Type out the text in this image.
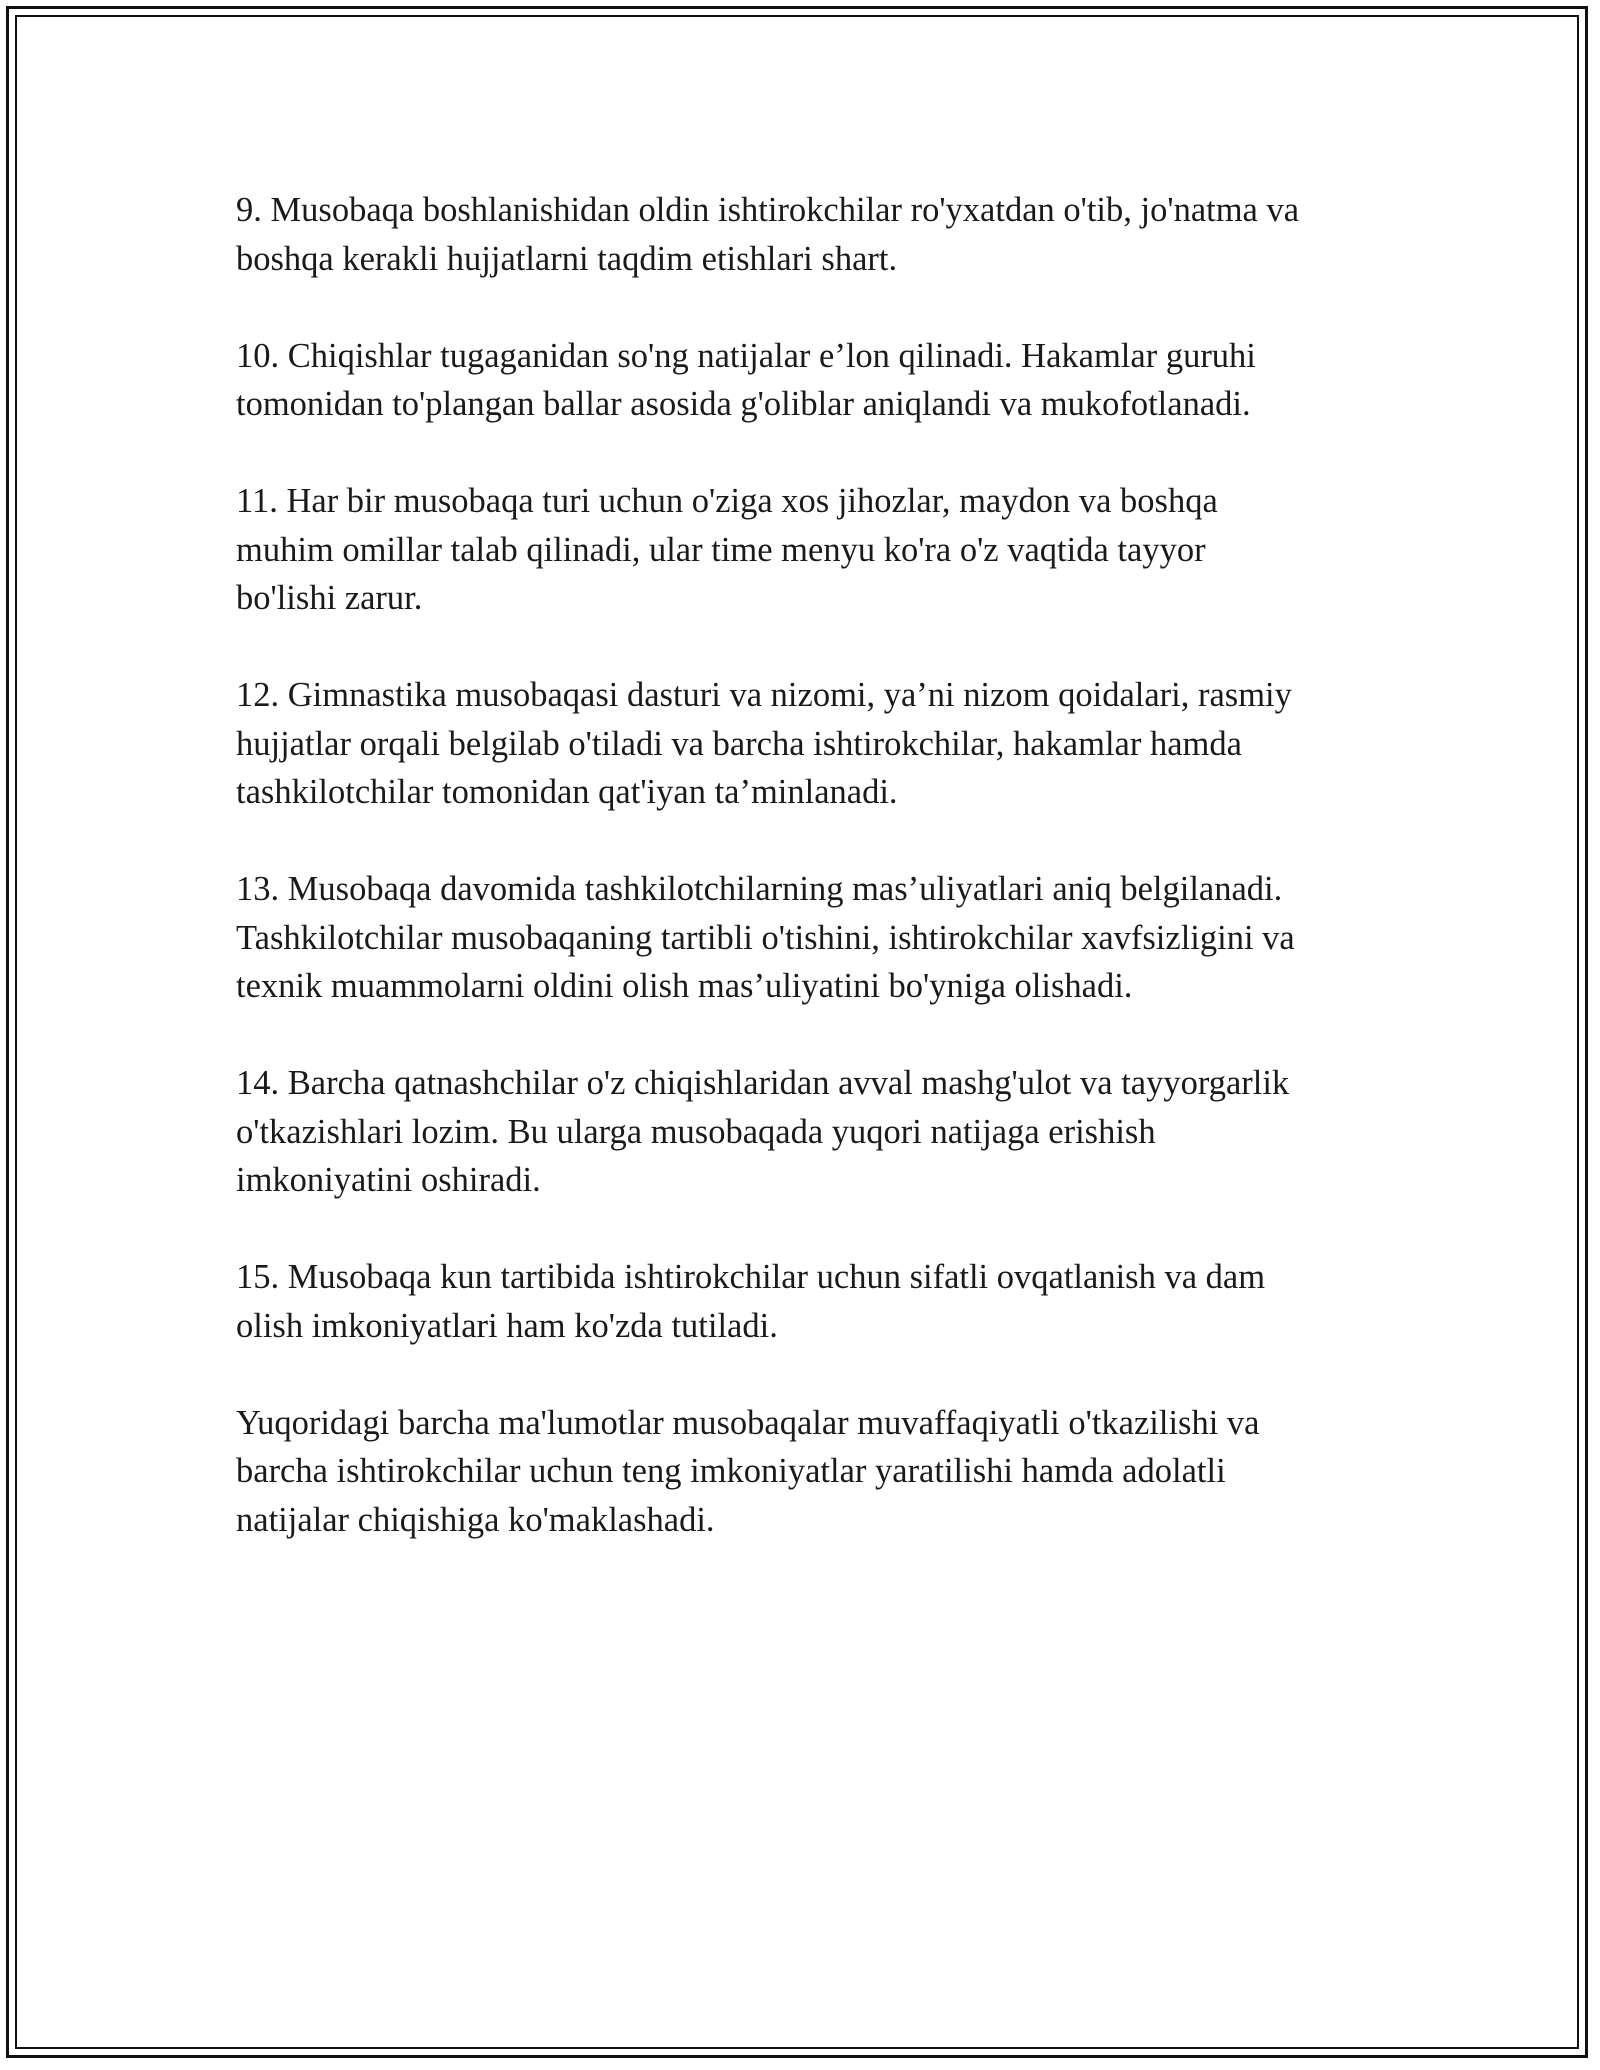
9. Musobaqa boshlanishidan oldin ishtirokchilar ro'yxatdan o'tib, jo'natma va
boshqa kerakli hujjatlarni taqdim etishlari shart.

10. Chiqishlar tugaganidan so'ng natijalar e’lon qilinadi. Hakamlar guruhi
tomonidan to'plangan ballar asosida g'oliblar aniqlandi va mukofotlanadi.

11. Har bir musobaqa turi uchun o'ziga xos jihozlar, maydon va boshqa
muhim omillar talab qilinadi, ular time menyu ko'ra o'z vaqtida tayyor
bo'lishi zarur.

12. Gimnastika musobaqasi dasturi va nizomi, ya’ni nizom qoidalari, rasmiy
hujjatlar orqali belgilab o'tiladi va barcha ishtirokchilar, hakamlar hamda
tashkilotchilar tomonidan qat'iyan ta’minlanadi.

13. Musobaqa davomida tashkilotchilarning mas’uliyatlari aniq belgilanadi.
Tashkilotchilar musobaqaning tartibli o'tishini, ishtirokchilar xavfsizligini va
texnik muammolarni oldini olish mas’uliyatini bo'yniga olishadi.

14. Barcha qatnashchilar o'z chiqishlaridan avval mashg'ulot va tayyorgarlik
o'tkazishlari lozim. Bu ularga musobaqada yuqori natijaga erishish
imkoniyatini oshiradi.

15. Musobaqa kun tartibida ishtirokchilar uchun sifatli ovqatlanish va dam
olish imkoniyatlari ham ko'zda tutiladi.

Yuqoridagi barcha ma'lumotlar musobaqalar muvaffaqiyatli o'tkazilishi va
barcha ishtirokchilar uchun teng imkoniyatlar yaratilishi hamda adolatli
natijalar chiqishiga ko'maklashadi.
